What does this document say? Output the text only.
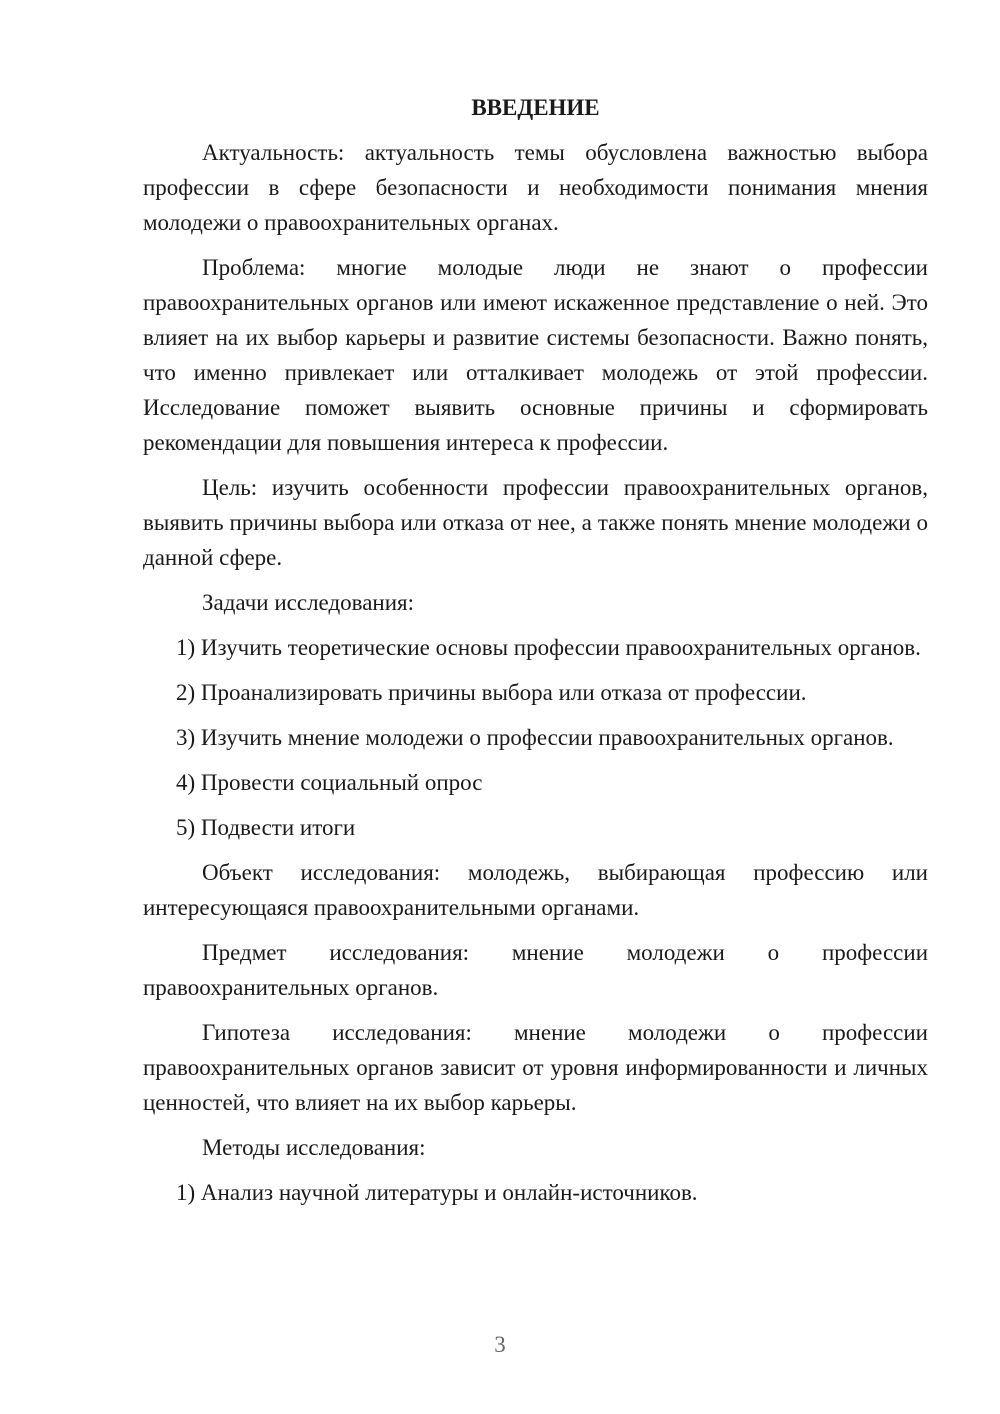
ВВЕДЕНИЕ

Актуальность: актуальность темы обусловлена важностью выбора профессии в сфере безопасности и необходимости понимания мнения молодежи о правоохранительных органах.

Проблема: многие молодые люди не знают о профессии правоохранительных органов или имеют искаженное представление о ней. Это влияет на их выбор карьеры и развитие системы безопасности. Важно понять, что именно привлекает или отталкивает молодежь от этой профессии. Исследование поможет выявить основные причины и сформировать рекомендации для повышения интереса к профессии.

Цель: изучить особенности профессии правоохранительных органов, выявить причины выбора или отказа от нее, а также понять мнение молодежи о данной сфере.

Задачи исследования:

1) Изучить теоретические основы профессии правоохранительных органов.

2) Проанализировать причины выбора или отказа от профессии.

3) Изучить мнение молодежи о профессии правоохранительных органов.

4) Провести социальный опрос

5) Подвести итоги

Объект исследования: молодежь, выбирающая профессию или интересующаяся правоохранительными органами.

Предмет исследования: мнение молодежи о профессии правоохранительных органов.

Гипотеза исследования: мнение молодежи о профессии правоохранительных органов зависит от уровня информированности и личных ценностей, что влияет на их выбор карьеры.

Методы исследования:

1) Анализ научной литературы и онлайн-источников.

3
